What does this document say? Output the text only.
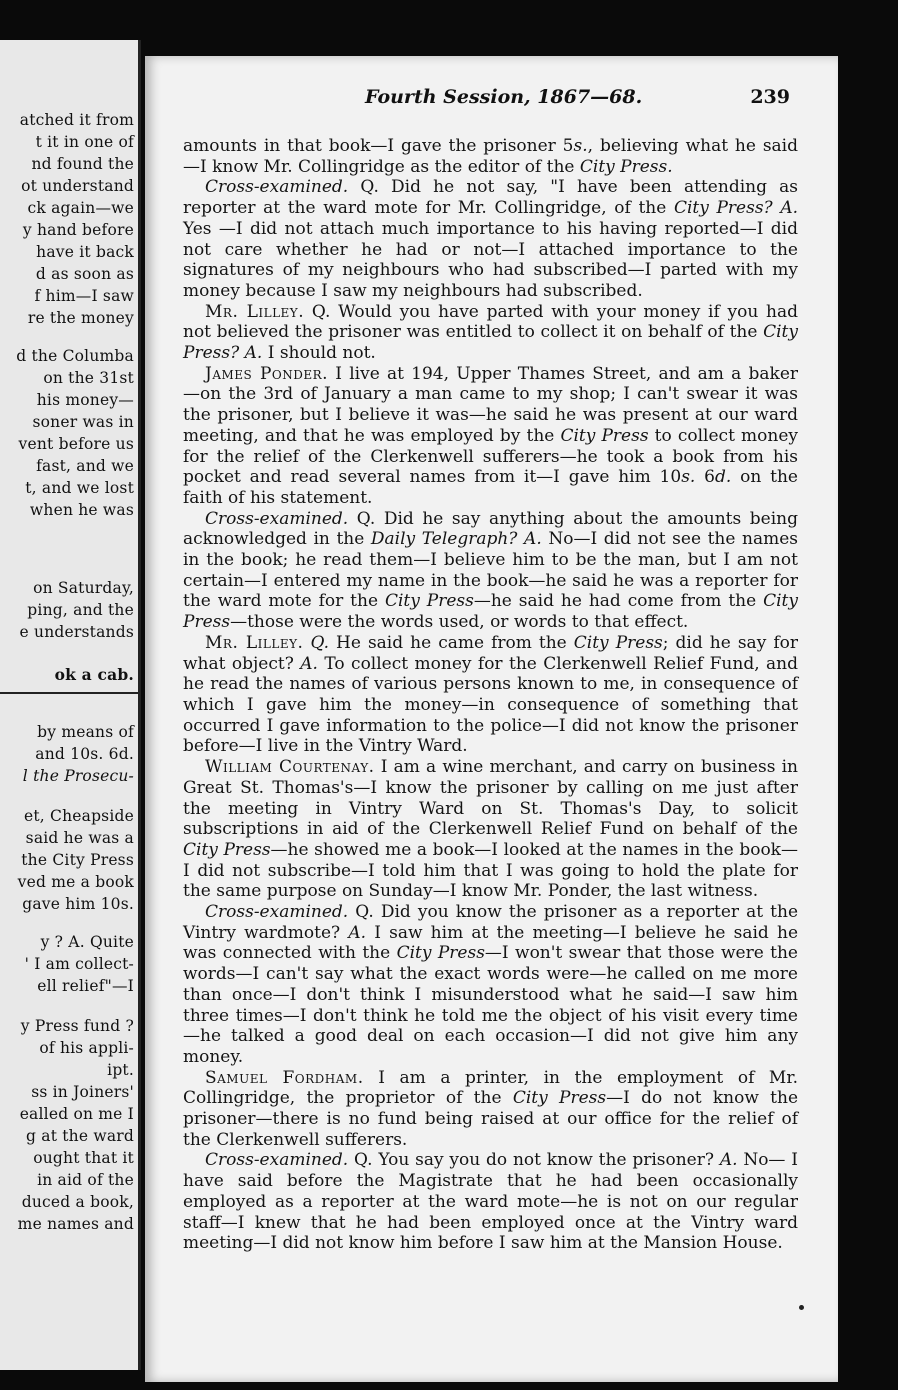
atched it from
t it in one of
nd found the
ot understand
ck again—we
y hand before
have it back
d as soon as
f him—I saw
re the money
d the Columba
on the 31st
his money—
soner was in
vent before us
fast, and we
t, and we lost
when he was
on Saturday,
ping, and the
e understands
ok a cab.
by means of
and 10s. 6d.
l the Prosecu-
et, Cheapside
said he was a
the City Press
ved me a book
gave him 10s.
y ? A. Quite
' I am collect-
ell relief"—I
y Press fund ?
of his appli-
ipt.
ss in Joiners'
ealled on me I
g at the ward
ought that it
in aid of the
duced a book,
me names and
Fourth Session, 1867—68.	239

amounts in that book—I gave the prisoner 5s., believing what he said—I know Mr. Collingridge as the editor of the City Press.

Cross-examined. Q. Did he not say, "I have been attending as reporter at the ward mote for Mr. Collingridge, of the City Press? A. Yes —I did not attach much importance to his having reported—I did not care whether he had or not—I attached importance to the signatures of my neighbours who had subscribed—I parted with my money because I saw my neighbours had subscribed.

Mr. Lilley. Q. Would you have parted with your money if you had not believed the prisoner was entitled to collect it on behalf of the City Press? A. I should not.

James Ponder. I live at 194, Upper Thames Street, and am a baker —on the 3rd of January a man came to my shop; I can't swear it was the prisoner, but I believe it was—he said he was present at our ward meeting, and that he was employed by the City Press to collect money for the relief of the Clerkenwell sufferers—he took a book from his pocket and read several names from it—I gave him 10s. 6d. on the faith of his statement.

Cross-examined. Q. Did he say anything about the amounts being acknowledged in the Daily Telegraph? A. No—I did not see the names in the book; he read them—I believe him to be the man, but I am not certain—I entered my name in the book—he said he was a reporter for the ward mote for the City Press—he said he had come from the City Press—those were the words used, or words to that effect.

Mr. Lilley. Q. He said he came from the City Press; did he say for what object? A. To collect money for the Clerkenwell Relief Fund, and he read the names of various persons known to me, in consequence of which I gave him the money—in consequence of something that occurred I gave information to the police—I did not know the prisoner before—I live in the Vintry Ward.

William Courtenay. I am a wine merchant, and carry on business in Great St. Thomas's—I know the prisoner by calling on me just after the meeting in Vintry Ward on St. Thomas's Day, to solicit subscriptions in aid of the Clerkenwell Relief Fund on behalf of the City Press—he showed me a book—I looked at the names in the book—I did not subscribe—I told him that I was going to hold the plate for the same purpose on Sunday—I know Mr. Ponder, the last witness.

Cross-examined. Q. Did you know the prisoner as a reporter at the Vintry wardmote? A. I saw him at the meeting—I believe he said he was connected with the City Press—I won't swear that those were the words—I can't say what the exact words were—he called on me more than once—I don't think I misunderstood what he said—I saw him three times—I don't think he told me the object of his visit every time—he talked a good deal on each occasion—I did not give him any money.

Samuel Fordham. I am a printer, in the employment of Mr. Collingridge, the proprietor of the City Press—I do not know the prisoner—there is no fund being raised at our office for the relief of the Clerkenwell sufferers.

Cross-examined. Q. You say you do not know the prisoner? A. No— I have said before the Magistrate that he had been occasionally employed as a reporter at the ward mote—he is not on our regular staff—I knew that he had been employed once at the Vintry ward meeting—I did not know him before I saw him at the Mansion House.
